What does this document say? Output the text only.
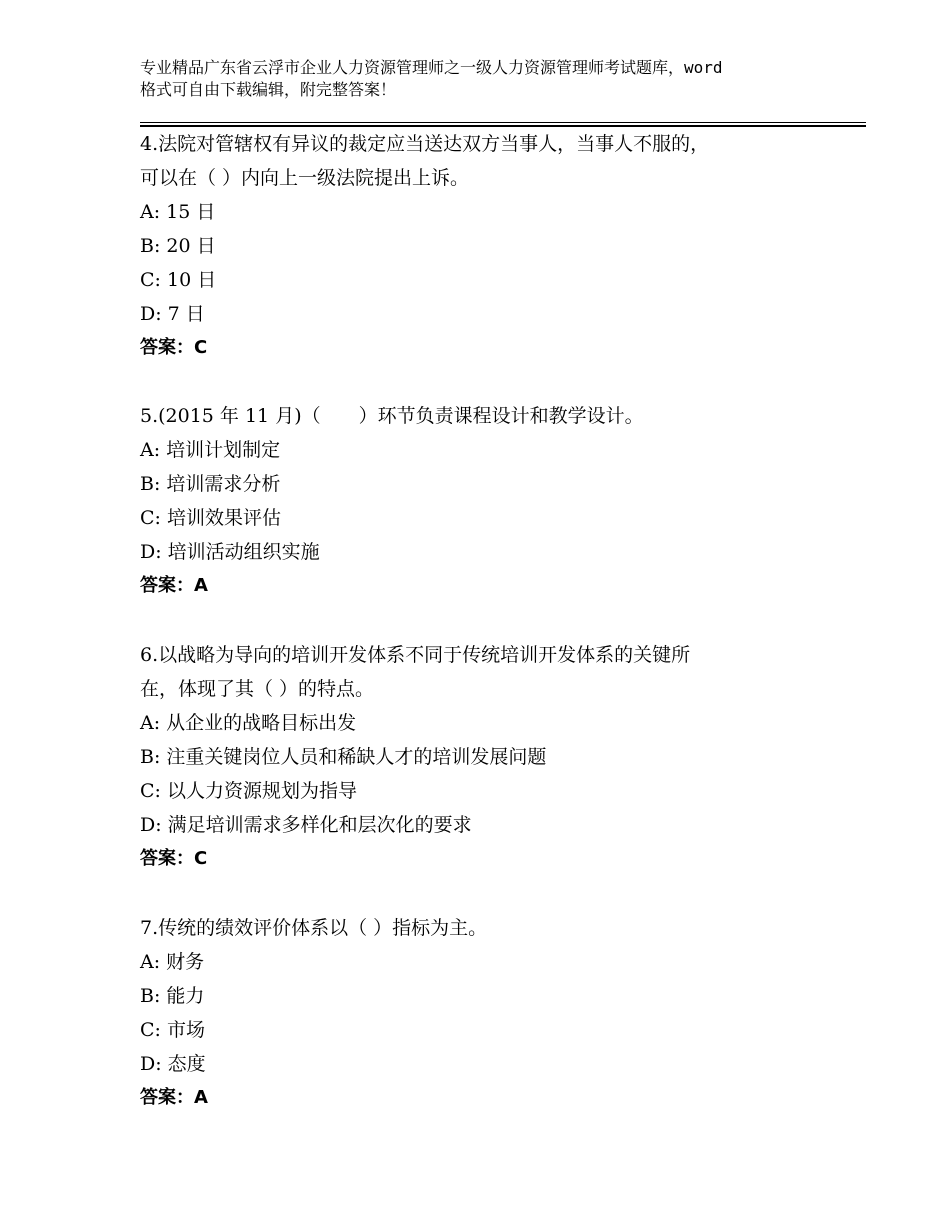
专业精品广东省云浮市企业人力资源管理师之一级人力资源管理师考试题库，word
格式可自由下载编辑，附完整答案！
4.法院对管辖权有异议的裁定应当送达双方当事人，当事人不服的，
可以在（ ）内向上一级法院提出上诉。
A: 15 日
B: 20 日
C: 10 日
D: 7 日
答案：C
5.(2015 年 11 月)（　　）环节负责课程设计和教学设计。
A: 培训计划制定
B: 培训需求分析
C: 培训效果评估
D: 培训活动组织实施
答案：A
6.以战略为导向的培训开发体系不同于传统培训开发体系的关键所
在，体现了其（ ）的特点。
A: 从企业的战略目标出发
B: 注重关键岗位人员和稀缺人才的培训发展问题
C: 以人力资源规划为指导
D: 满足培训需求多样化和层次化的要求
答案：C
7.传统的绩效评价体系以（ ）指标为主。
A: 财务
B: 能力
C: 市场
D: 态度
答案：A
